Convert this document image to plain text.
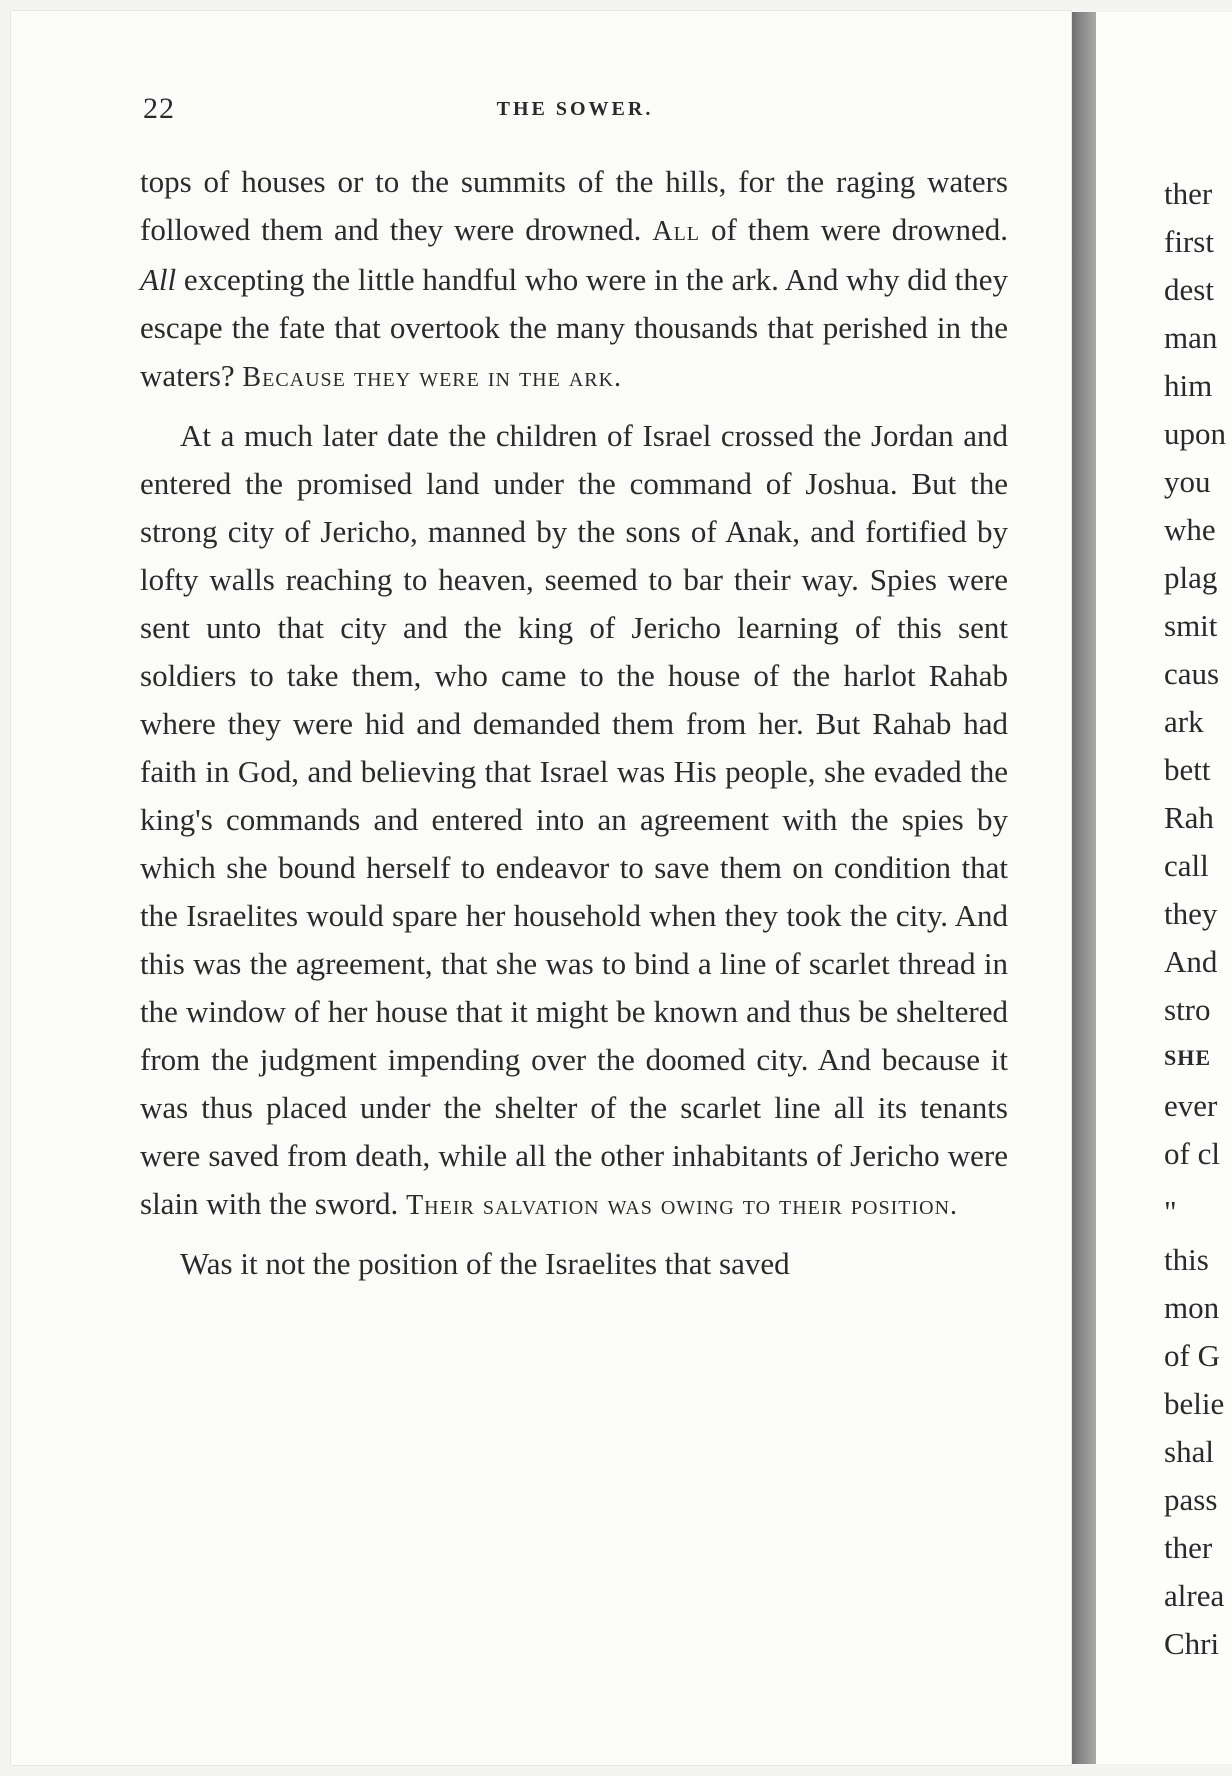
22	THE SOWER.

tops of houses or to the summits of the hills, for the raging waters followed them and they were drowned. All of them were drowned. All excepting the little handful who were in the ark. And why did they escape the fate that overtook the many thousands that perished in the waters? Because they were in the ark.

At a much later date the children of Israel crossed the Jordan and entered the promised land under the command of Joshua. But the strong city of Jericho, manned by the sons of Anak, and fortified by lofty walls reaching to heaven, seemed to bar their way. Spies were sent unto that city and the king of Jericho learning of this sent soldiers to take them, who came to the house of the harlot Rahab where they were hid and demanded them from her. But Rahab had faith in God, and believing that Israel was His people, she evaded the king's commands and entered into an agreement with the spies by which she bound herself to endeavor to save them on condition that the Israelites would spare her household when they took the city. And this was the agreement, that she was to bind a line of scarlet thread in the window of her house that it might be known and thus be sheltered from the judgment impending over the doomed city. And because it was thus placed under the shelter of the scarlet line all its tenants were saved from death, while all the other inhabitants of Jericho were slain with the sword. Their salvation was owing to their position.

Was it not the position of the Israelites that saved

ther
first
dest
man
him
upon
you
whe
plag
smit
caus
ark
bett
Rah
call
they
And
stro
SHE
ever
of cl
"
this
mon
of G
belie
shal
pass
ther
alrea
Chri
